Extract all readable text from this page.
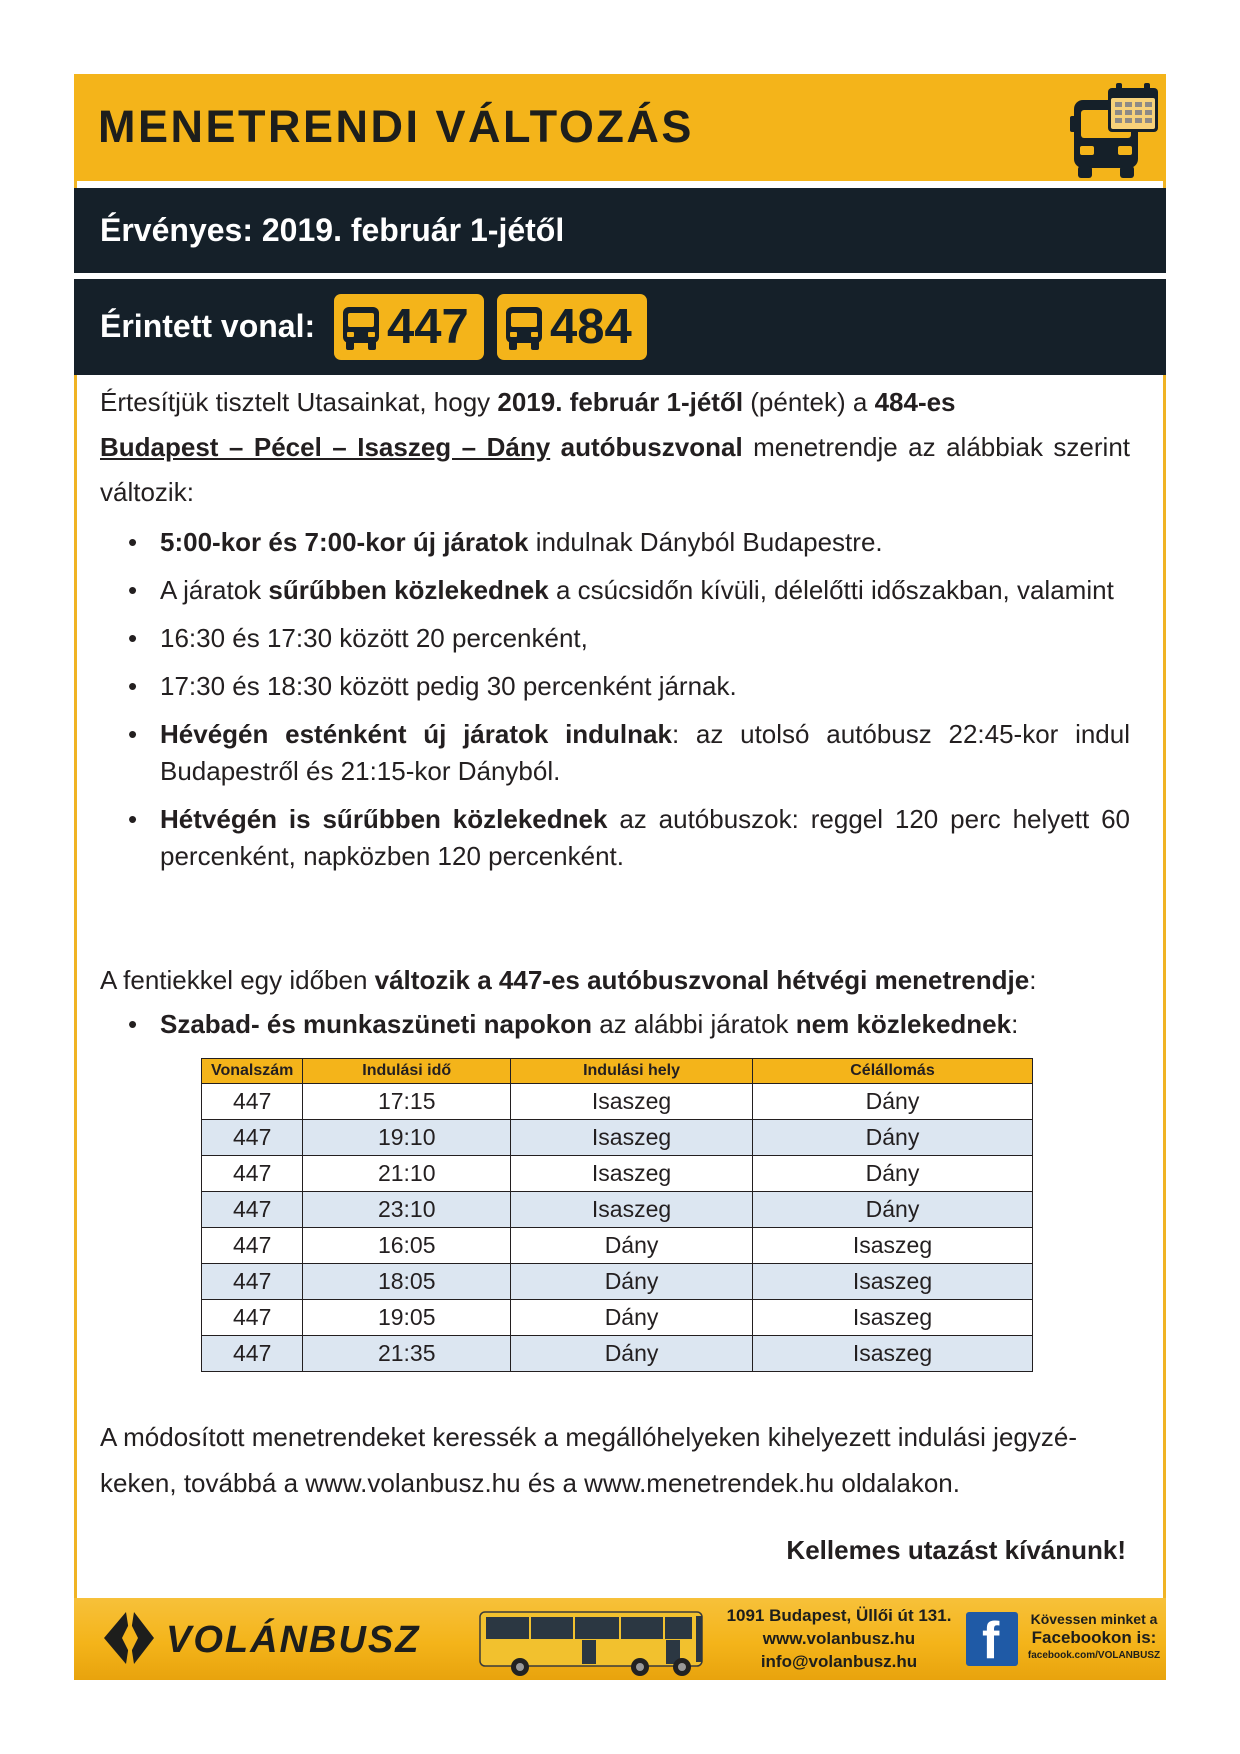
MENETRENDI VÁLTOZÁS
Érvényes: 2019. február 1-jétől
Érintett vonal: 447 484

Értesítjük tisztelt Utasainkat, hogy 2019. február 1-jétől (péntek) a 484-es
Budapest – Pécel – Isaszeg – Dány autóbuszvonal menetrendje az alábbiak szerint változik:

• 5:00-kor és 7:00-kor új járatok indulnak Dányból Budapestre.
• A járatok sűrűbben közlekednek a csúcsidőn kívüli, délelőtti időszakban, valamint
• 16:30 és 17:30 között 20 percenként,
• 17:30 és 18:30 között pedig 30 percenként járnak.
• Hévégén esténként új járatok indulnak: az utolsó autóbusz 22:45-kor indul Budapestről és 21:15-kor Dányból.
• Hétvégén is sűrűbben közlekednek az autóbuszok: reggel 120 perc helyett 60 percenként, napközben 120 percenként.

A fentiekkel egy időben változik a 447-es autóbuszvonal hétvégi menetrendje:

• Szabad- és munkaszüneti napokon az alábbi járatok nem közlekednek:
Vonalszám	Indulási idő	Indulási hely	Célállomás
447	17:15	Isaszeg	Dány
447	19:10	Isaszeg	Dány
447	21:10	Isaszeg	Dány
447	23:10	Isaszeg	Dány
447	16:05	Dány	Isaszeg
447	18:05	Dány	Isaszeg
447	19:05	Dány	Isaszeg
447	21:35	Dány	Isaszeg

A módosított menetrendeket keressék a megállóhelyeken kihelyezett indulási jegyzé-
keken, továbbá a www.volanbusz.hu és a www.menetrendek.hu oldalakon.

Kellemes utazást kívánunk!
VOLÁNBUSZ
1091 Budapest, Üllői út 131.
www.volanbusz.hu
info@volanbusz.hu	f	Kövessen minket a
Facebookon is:
facebook.com/VOLANBUSZ
